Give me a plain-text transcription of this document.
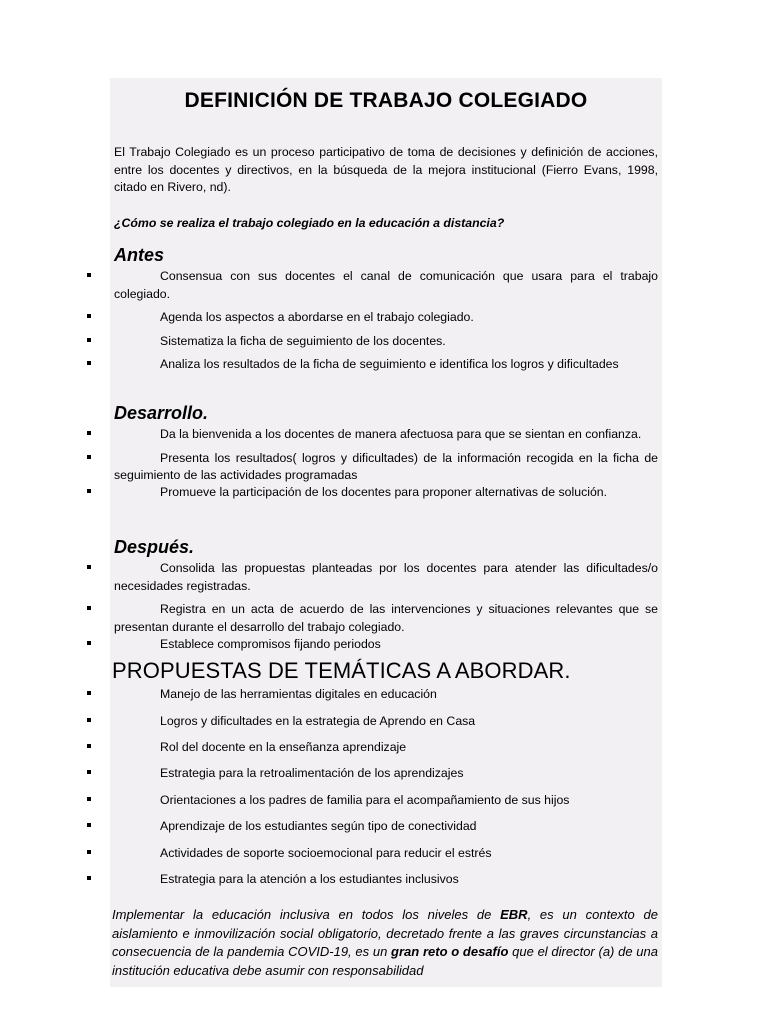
DEFINICIÓN DE TRABAJO COLEGIADO

El Trabajo Colegiado es un proceso participativo de toma de decisiones y definición de acciones, entre los docentes y directivos, en la búsqueda de la mejora institucional (Fierro Evans, 1998, citado en Rivero, nd).

¿Cómo se realiza el trabajo colegiado en la educación a distancia?

Antes
Consensua con sus docentes el canal de comunicación que usara para el trabajo colegiado.
Agenda los aspectos a abordarse en el trabajo colegiado.
Sistematiza la ficha de seguimiento de los docentes.
Analiza los resultados de la ficha de seguimiento e identifica los logros y dificultades
Desarrollo.
Da la bienvenida a los docentes de manera afectuosa para que se sientan en confianza.
Presenta los resultados( logros y dificultades) de la información recogida en la ficha de seguimiento de las actividades programadas
Promueve la participación de los docentes para proponer alternativas de solución.
Después.
Consolida las propuestas planteadas por los docentes para atender las dificultades/o necesidades registradas.
Registra en un acta de acuerdo de las intervenciones y situaciones relevantes que se presentan durante el desarrollo del trabajo colegiado.
Establece compromisos fijando periodos
PROPUESTAS DE TEMÁTICAS A ABORDAR.
Manejo de las herramientas digitales en educación
Logros y dificultades en la estrategia de Aprendo en Casa
Rol del docente en la enseñanza aprendizaje
Estrategia para la retroalimentación de los aprendizajes
Orientaciones a los padres de familia para el acompañamiento de sus hijos
Aprendizaje de los estudiantes según tipo de conectividad
Actividades de soporte socioemocional para reducir el estrés
Estrategia para la atención a los estudiantes inclusivos

Implementar la educación inclusiva en todos los niveles de EBR, es un contexto de aislamiento e inmovilización social obligatorio, decretado frente a las graves circunstancias a consecuencia de la pandemia COVID-19, es un gran reto o desafío que el director (a) de una institución educativa debe asumir con responsabilidad
